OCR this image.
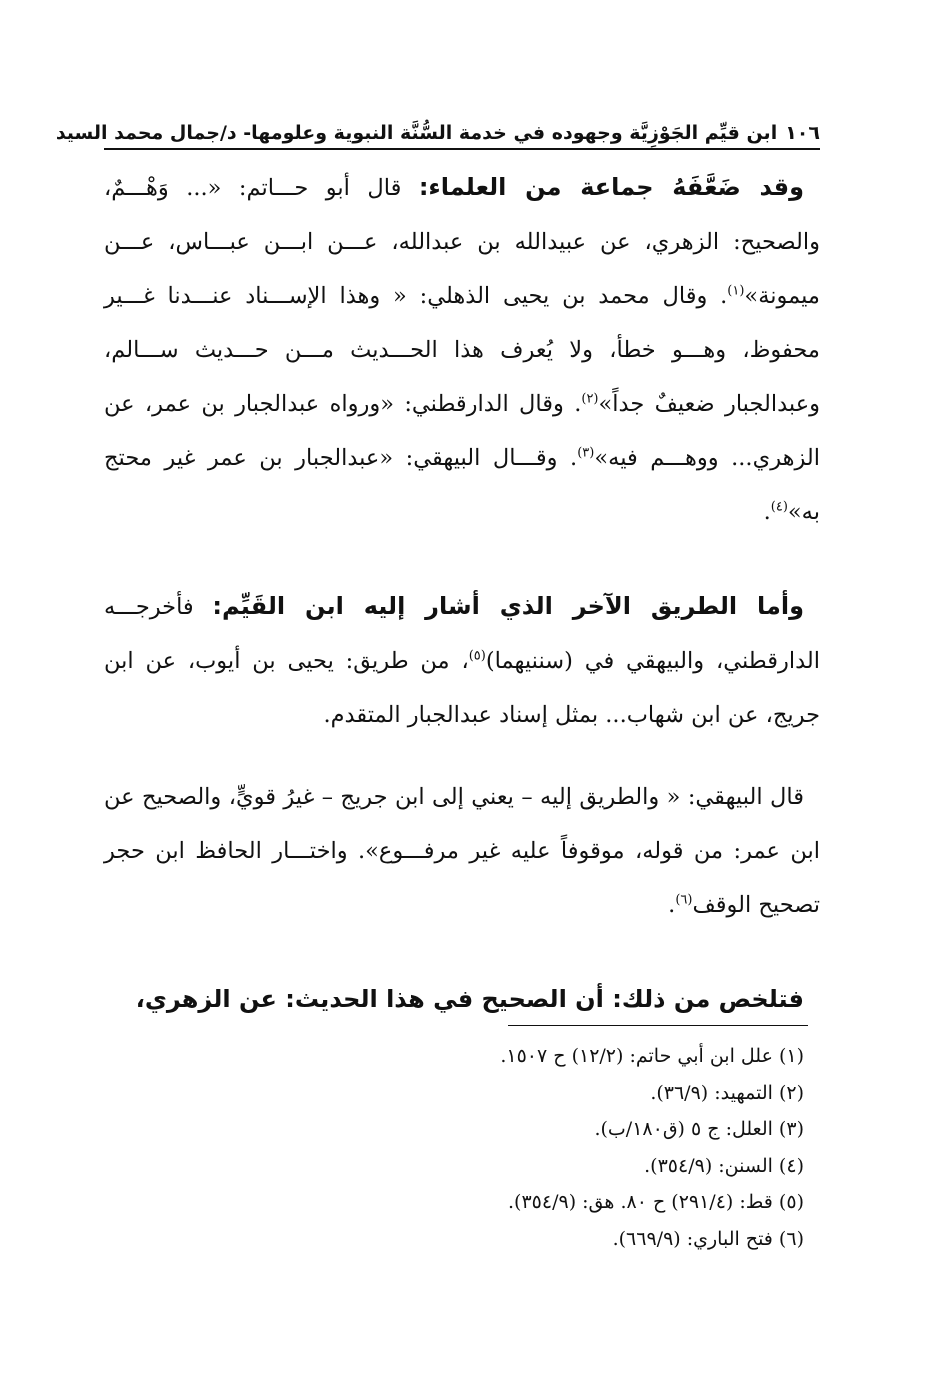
١٠٦
ابن قيِّم الجَوْزِيَّة وجهوده في خدمة السُّنَّة النبوية وعلومها- د/جمال محمد السيد

وقد ضَعَّفَهُ جماعة من العلماء: قال أبو حـــاتم: «... وَهْـــمٌ، والصحيح: الزهري، عن عبيدالله بن عبدالله، عـــن ابـــن عبـــاس، عـــن ميمونة»$^{(١)}$. وقال محمد بن يحيى الذهلي: « وهذا الإســـناد عنـــدنا غـــير محفوظ، وهـــو خطأ، ولا يُعرف هذا الحـــديث مـــن حـــديث ســـالم، وعبدالجبار ضعيفٌ جداً»$^{(٢)}$. وقال الدارقطني: «ورواه عبدالجبار بن عمر، عن الزهري... ووهـــم فيه»$^{(٣)}$. وقـــال البيهقي: «عبدالجبار بن عمر غير محتج به»$^{(٤)}$.

وأما الطريق الآخر الذي أشار إليه ابن القَيِّم: فأخرجـــه الدارقطني، والبيهقي في (سننيهما)$^{(٥)}$، من طريق: يحيى بن أيوب، عن ابن جريج، عن ابن شهاب... بمثل إسناد عبدالجبار المتقدم.

قال البيهقي: « والطريق إليه – يعني إلى ابن جريج – غيرُ قويٍّ، والصحيح عن ابن عمر: من قوله، موقوفاً عليه غير مرفـــوع». واختـــار الحافظ ابن حجر تصحيح الوقف$^{(٦)}$.

فتلخص من ذلك: أن الصحيح في هذا الحديث: عن الزهري،

(١) علل ابن أبي حاتم: (١٢/٢) ح ١٥٠٧.

(٢) التمهيد: (٣٦/٩).

(٣) العلل: ج ٥ (ق١٨٠/ب).

(٤) السنن: (٣٥٤/٩).

(٥) قط: (٢٩١/٤) ح ٨٠. هق: (٣٥٤/٩).

(٦) فتح الباري: (٦٦٩/٩).
